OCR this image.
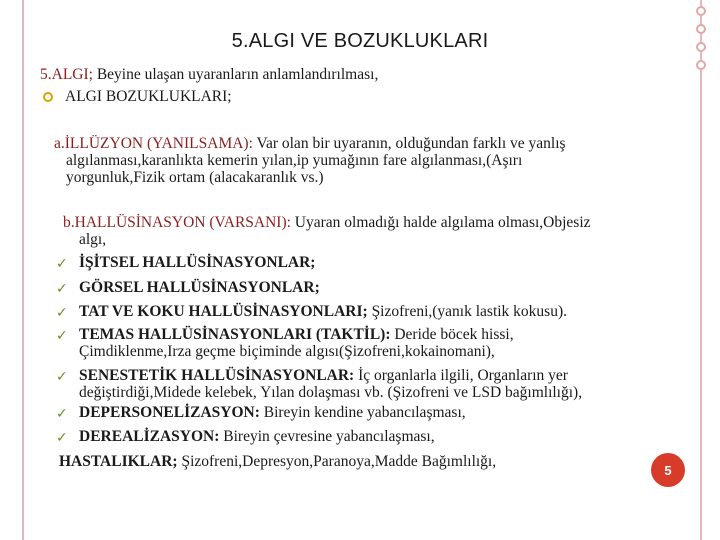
5.ALGI VE BOZUKLUKLARI
5.ALGI; Beyine ulaşan uyaranların anlamlandırılması,
ALGI BOZUKLUKLARI;
a.İLLÜZYON (YANILSAMA): Var olan bir uyaranın, olduğundan farklı ve yanlış
algılanması,karanlıkta kemerin yılan,ip yumağının fare algılanması,(Aşırı
yorgunluk,Fizik ortam (alacakaranlık vs.)
b.HALLÜSİNASYON (VARSANI): Uyaran olmadığı halde algılama olması,Objesiz
algı,
✓ İŞİTSEL HALLÜSİNASYONLAR;
✓ GÖRSEL HALLÜSİNASYONLAR;
✓ TAT VE KOKU HALLÜSİNASYONLARI; Şizofreni,(yanık lastik kokusu).
✓ TEMAS HALLÜSİNASYONLARI (TAKTİL): Deride böcek hissi,
Çimdiklenme,Irza geçme biçiminde algısı(Şizofreni,kokainomani),
✓ SENESTETİK HALLÜSİNASYONLAR: İç organlarla ilgili, Organların yer
değiştirdiği,Midede kelebek, Yılan dolaşması vb. (Şizofreni ve LSD bağımlılığı),
✓ DEPERSONELİZASYON: Bireyin kendine yabancılaşması,
✓ DEREALİZASYON: Bireyin çevresine yabancılaşması,
HASTALIKLAR; Şizofreni,Depresyon,Paranoya,Madde Bağımlılığı,	5
